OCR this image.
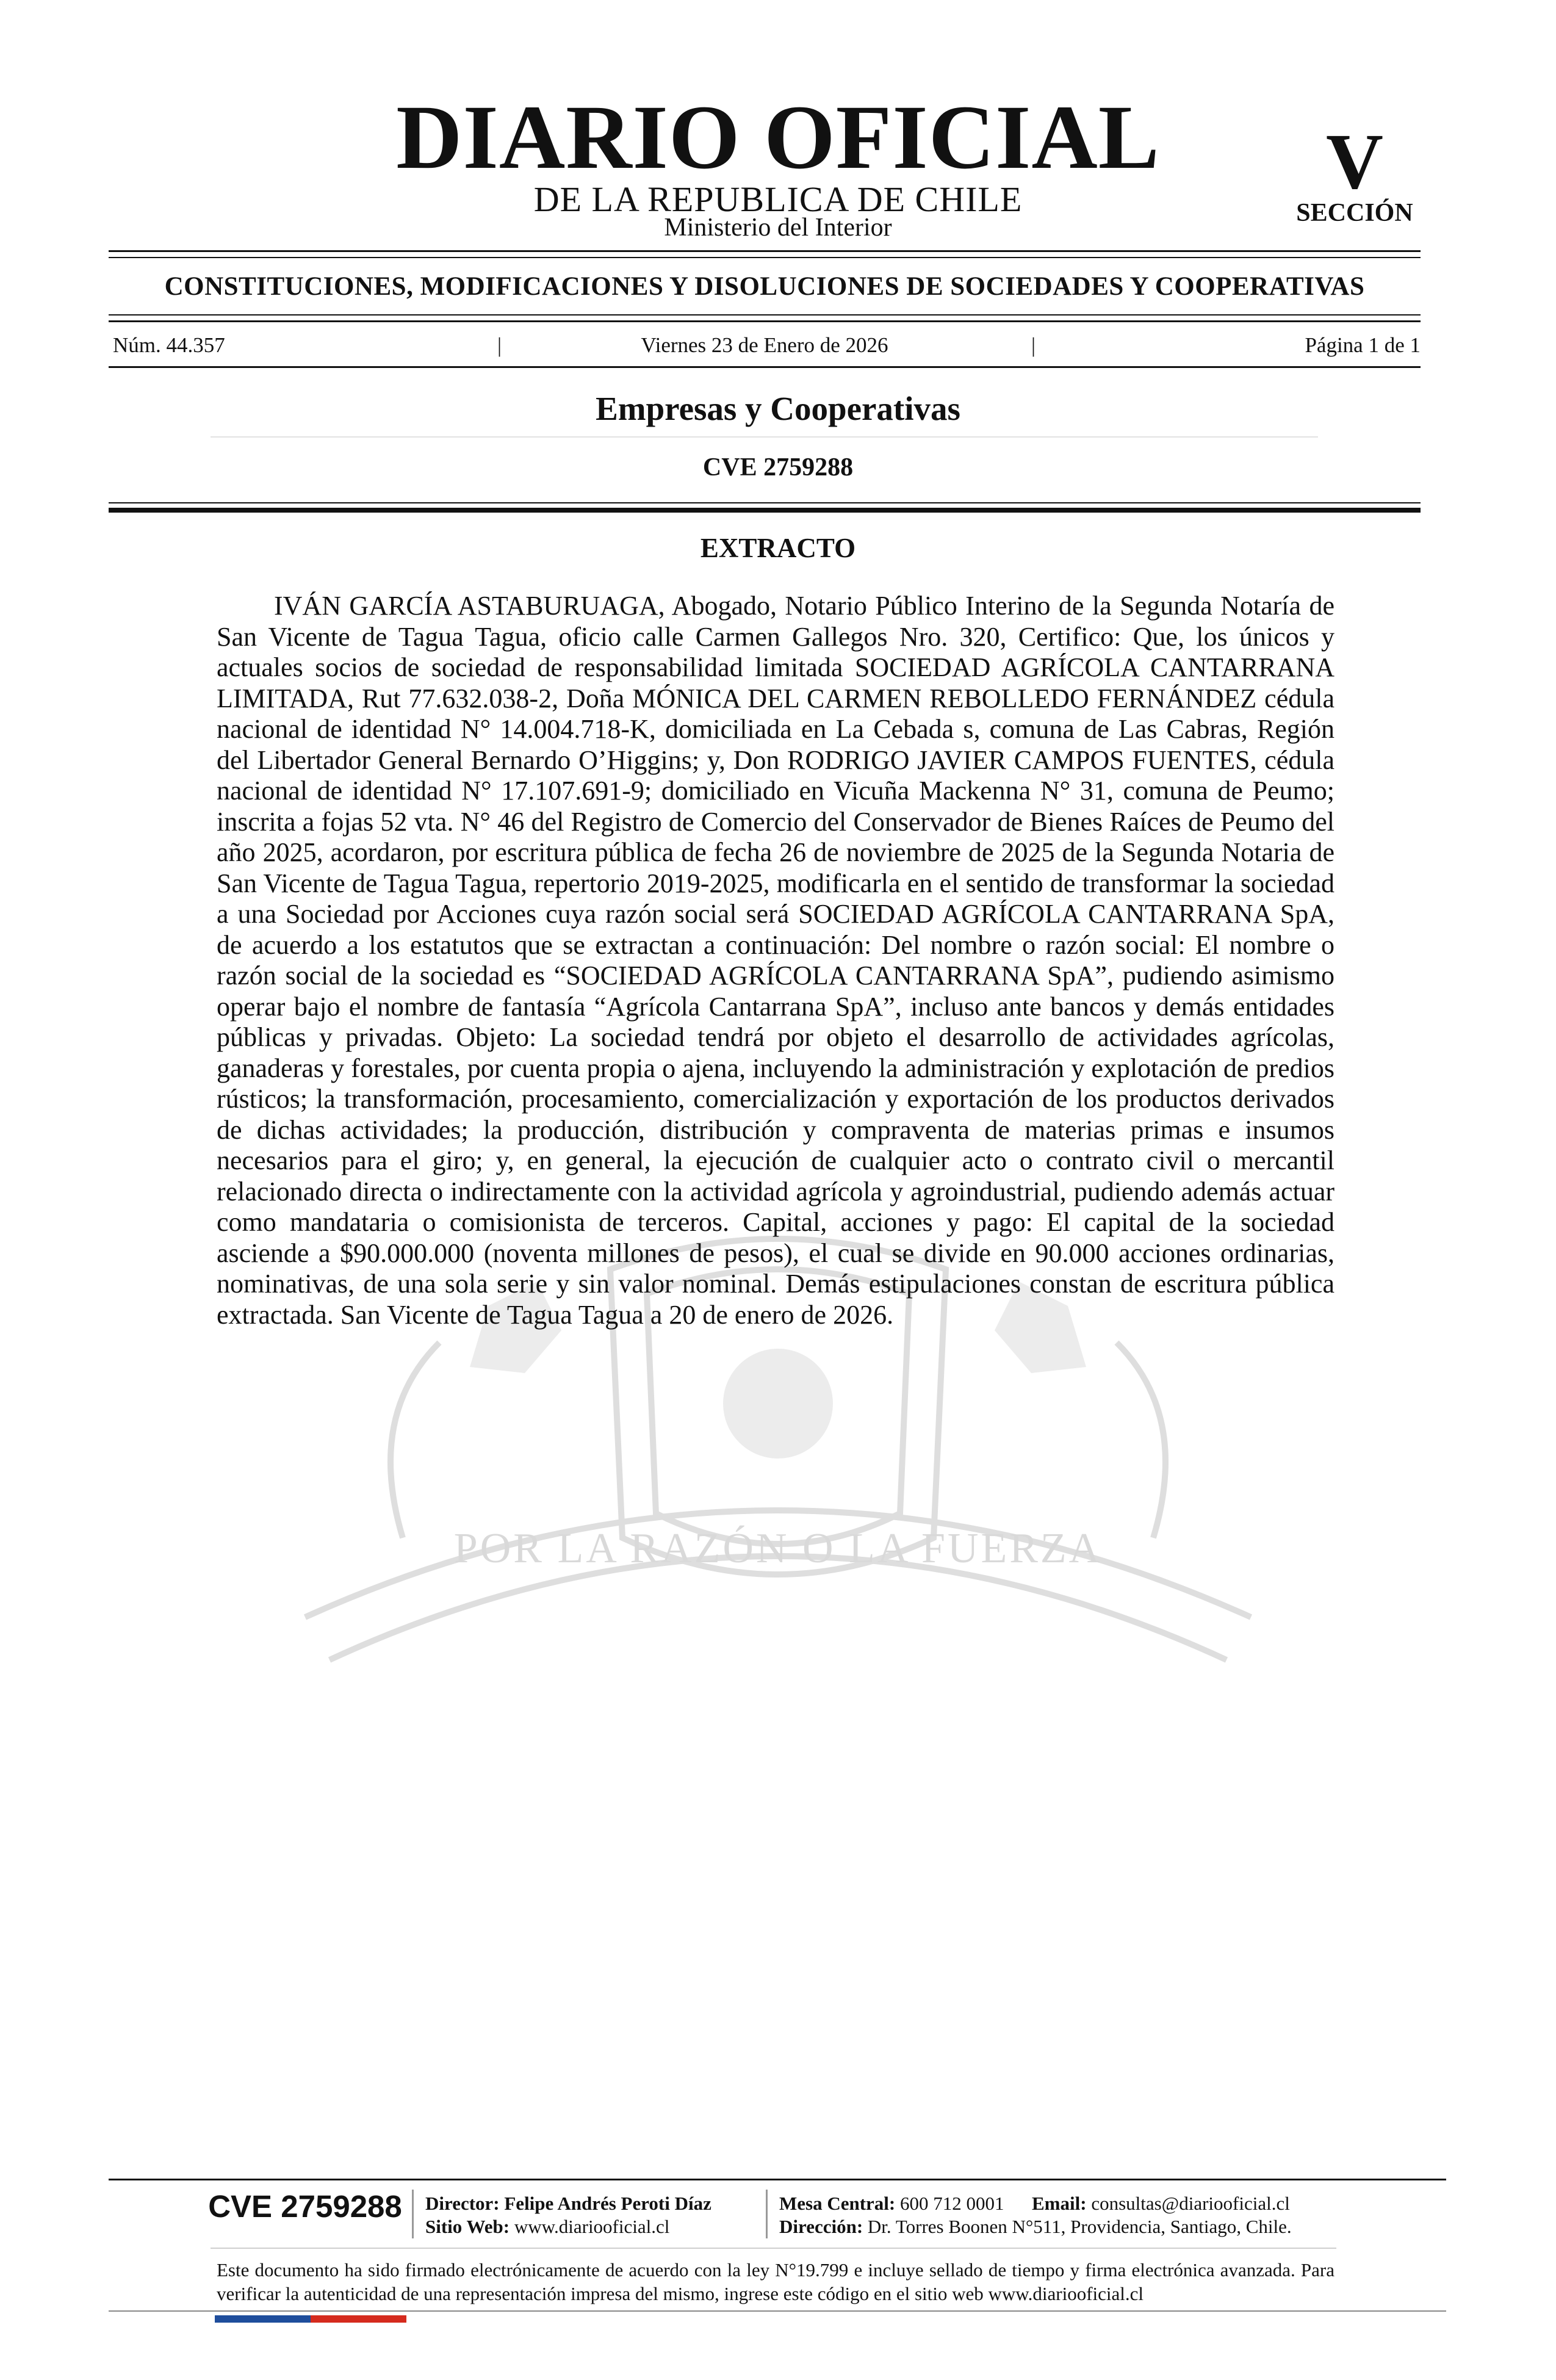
DIARIO OFICIAL
DE LA REPUBLICA DE CHILE
Ministerio del Interior
V
SECCIÓN
CONSTITUCIONES, MODIFICACIONES Y DISOLUCIONES DE SOCIEDADES Y COOPERATIVAS
Núm. 44.357	|	Viernes 23 de Enero de 2026	|	Página 1 de 1
Empresas y Cooperativas
CVE 2759288
POR LA RAZÓN O LA FUERZA
EXTRACTO

IVÁN GARCÍA ASTABURUAGA, Abogado, Notario Público Interino de la Segunda Notaría de San Vicente de Tagua Tagua, oficio calle Carmen Gallegos Nro. 320, Certifico: Que, los únicos y actuales socios de sociedad de responsabilidad limitada SOCIEDAD AGRÍCOLA CANTARRANA LIMITADA, Rut 77.632.038-2, Doña MÓNICA DEL CARMEN REBOLLEDO FERNÁNDEZ cédula nacional de identidad N° 14.004.718-K, domiciliada en La Cebada s, comuna de Las Cabras, Región del Libertador General Bernardo O’Higgins; y, Don RODRIGO JAVIER CAMPOS FUENTES, cédula nacional de identidad N° 17.107.691-9; domiciliado en Vicuña Mackenna N° 31, comuna de Peumo; inscrita a fojas 52 vta. N° 46 del Registro de Comercio del Conservador de Bienes Raíces de Peumo del año 2025, acordaron, por escritura pública de fecha 26 de noviembre de 2025 de la Segunda Notaria de San Vicente de Tagua Tagua, repertorio 2019-2025, modificarla en el sentido de transformar la sociedad a una Sociedad por Acciones cuya razón social será SOCIEDAD AGRÍCOLA CANTARRANA SpA, de acuerdo a los estatutos que se extractan a continuación: Del nombre o razón social: El nombre o razón social de la sociedad es “SOCIEDAD AGRÍCOLA CANTARRANA SpA”, pudiendo asimismo operar bajo el nombre de fantasía “Agrícola Cantarrana SpA”, incluso ante bancos y demás entidades públicas y privadas. Objeto: La sociedad tendrá por objeto el desarrollo de actividades agrícolas, ganaderas y forestales, por cuenta propia o ajena, incluyendo la administración y explotación de predios rústicos; la transformación, procesamiento, comercialización y exportación de los productos derivados de dichas actividades; la producción, distribución y compraventa de materias primas e insumos necesarios para el giro; y, en general, la ejecución de cualquier acto o contrato civil o mercantil relacionado directa o indirectamente con la actividad agrícola y agroindustrial, pudiendo además actuar como mandataria o comisionista de terceros. Capital, acciones y pago: El capital de la sociedad asciende a $90.000.000 (noventa millones de pesos), el cual se divide en 90.000 acciones ordinarias, nominativas, de una sola serie y sin valor nominal. Demás estipulaciones constan de escritura pública extractada. San Vicente de Tagua Tagua a 20 de enero de 2026.

CVE 2759288 Director: Felipe Andrés Peroti Díaz
Sitio Web: www.diariooficial.cl
Mesa Central: 600 712 0001 Email: consultas@diariooficial.cl
Dirección: Dr. Torres Boonen N°511, Providencia, Santiago, Chile.

Este documento ha sido firmado electrónicamente de acuerdo con la ley N°19.799 e incluye sellado de tiempo y firma electrónica avanzada. Para verificar la autenticidad de una representación impresa del mismo, ingrese este código en el sitio web www.diariooficial.cl
